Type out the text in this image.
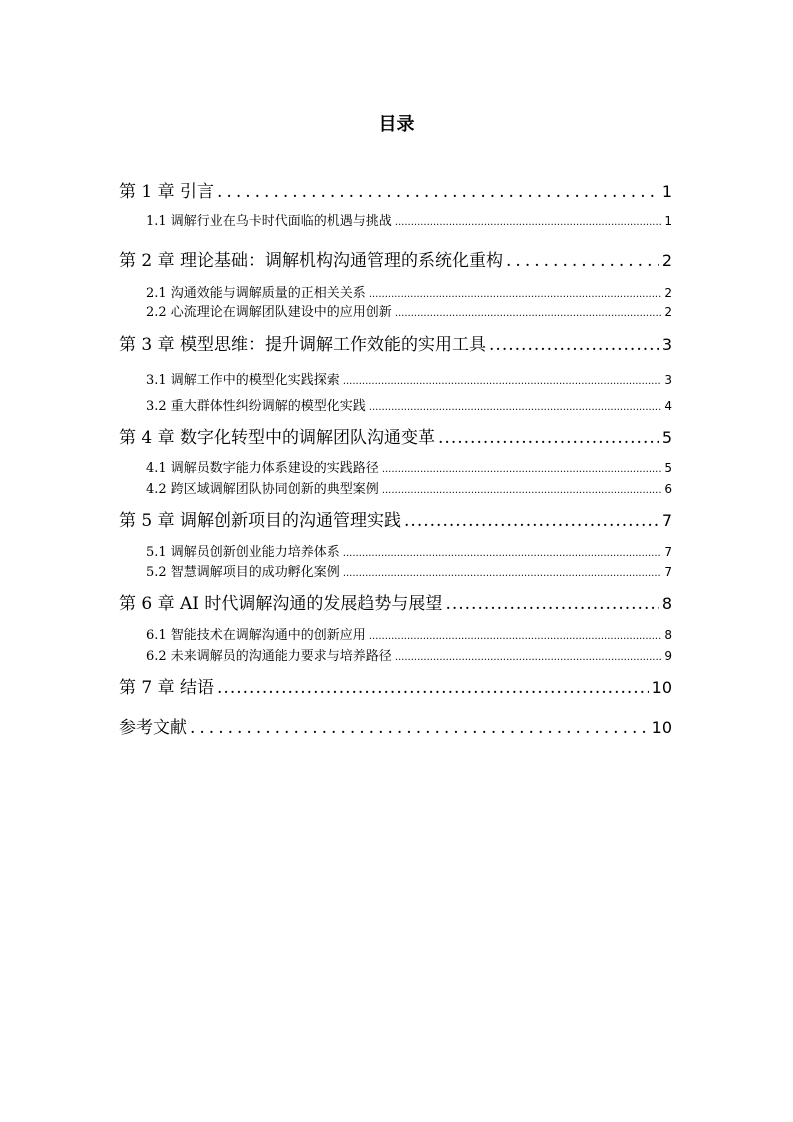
目录
第 1 章 引言 .....	1
1.1 调解行业在乌卡时代面临的机遇与挑战 .....	1
第 2 章 理论基础：调解机构沟通管理的系统化重构 .....	2
2.1 沟通效能与调解质量的正相关关系 .....	2
2.2 心流理论在调解团队建设中的应用创新 .....	2
第 3 章 模型思维：提升调解工作效能的实用工具 .....	3
3.1 调解工作中的模型化实践探索 .....	3
3.2 重大群体性纠纷调解的模型化实践 .....	4
第 4 章 数字化转型中的调解团队沟通变革 .....	5
4.1 调解员数字能力体系建设的实践路径 .....	5
4.2 跨区域调解团队协同创新的典型案例 .....	6
第 5 章 调解创新项目的沟通管理实践 .....	7
5.1 调解员创新创业能力培养体系 .....	7
5.2 智慧调解项目的成功孵化案例 .....	7
第 6 章 AI 时代调解沟通的发展趋势与展望 .....	8
6.1 智能技术在调解沟通中的创新应用 .....	8
6.2 未来调解员的沟通能力要求与培养路径 .....	9
第 7 章 结语 .....	10
参考文献 .....	10
